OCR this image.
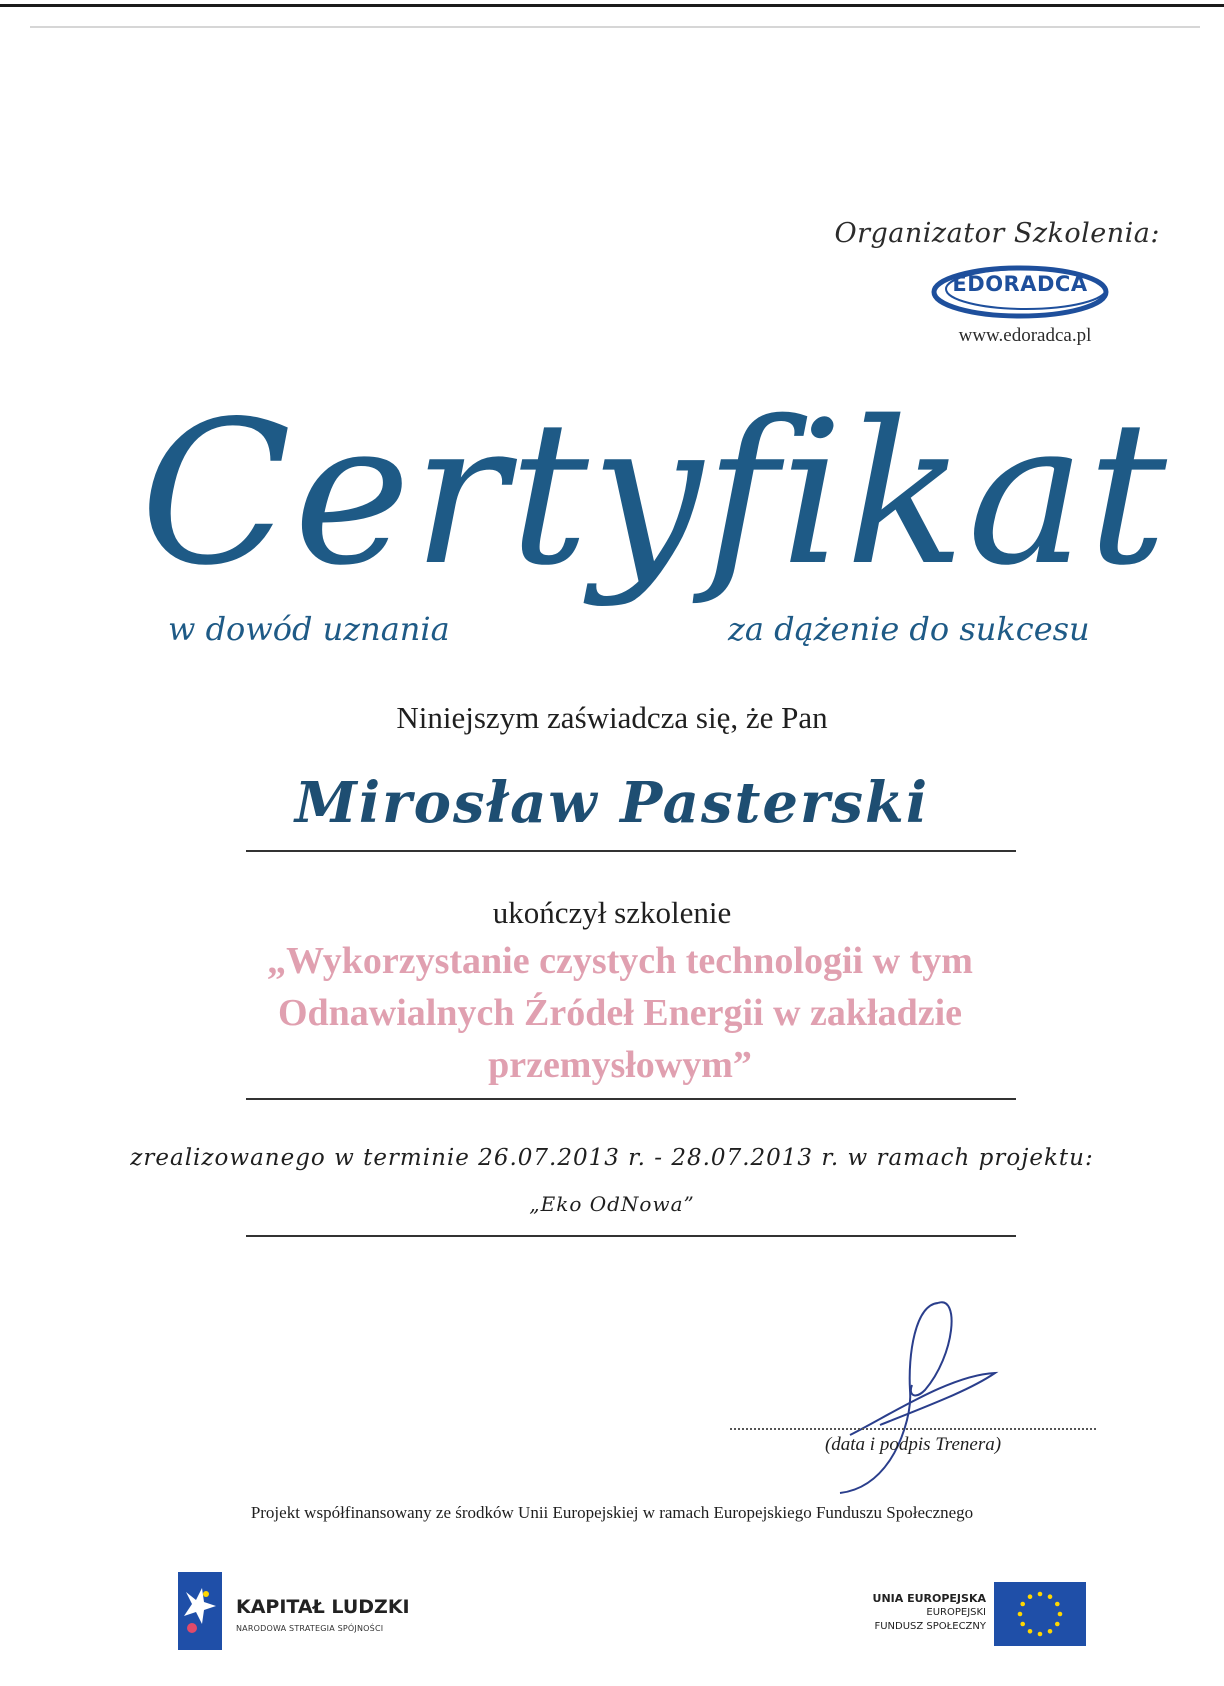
Organizator Szkolenia:
EDORADCA
www.edoradca.pl
Certyfikat
w dowód uznania	za dążenie do sukcesu
Niniejszym zaświadcza się, że Pan
Mirosław Pasterski
ukończył szkolenie
„Wykorzystanie czystych technologii w tym Odnawialnych Źródeł Energii w zakładzie przemysłowym”
zrealizowanego w terminie 26.07.2013 r. - 28.07.2013 r. w ramach projektu:
„Eko OdNowa”
(data i podpis Trenera)
Projekt współfinansowany ze środków Unii Europejskiej w ramach Europejskiego Funduszu Społecznego
KAPITAŁ LUDZKI
NARODOWA STRATEGIA SPÓJNOŚCI
UNIA EUROPEJSKA
EUROPEJSKI
FUNDUSZ SPOŁECZNY
